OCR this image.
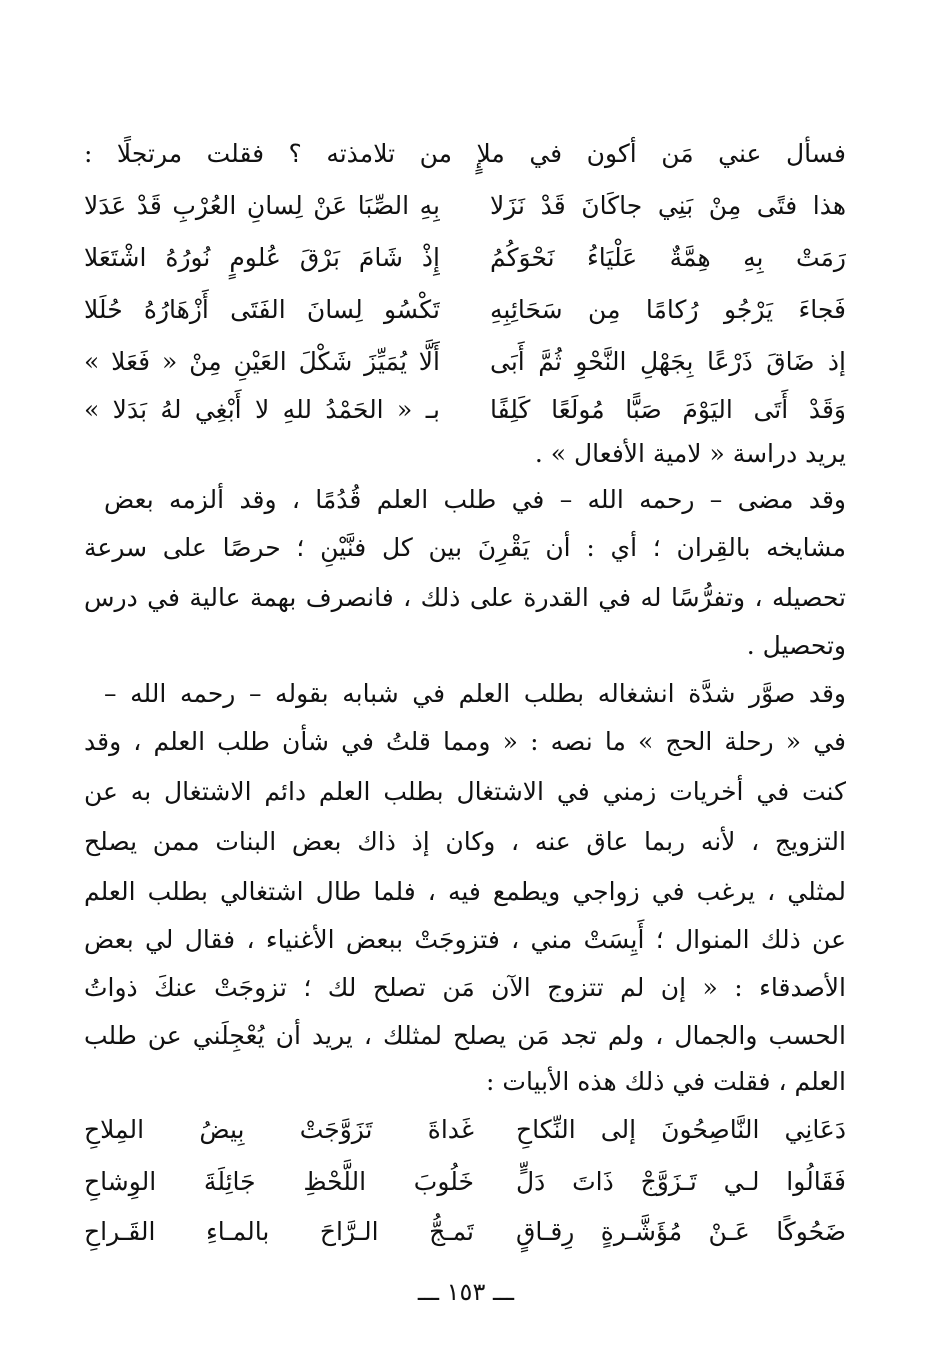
فسأل عني مَن أكون في ملإٍ من تلامذته ؟ فقلت مرتجلًا :
هذا فتًى مِنْ بَنِي جاكَانَ قَدْ نَزَلا
بِهِ الصِّبَا عَنْ لِسانِ العُرْبِ قَدْ عَدَلا
رَمَتْ بِهِ هِمَّةٌ عَلْيَاءُ نَحْوَكُمُ
إِذْ شَامَ بَرْقَ عُلومٍ نُورُهُ اشْتَعَلا
فَجاءَ يَرْجُو رُكامًا مِن سَحَائِبِهِ
تَكْسُو لِسانَ الفَتَى أَزْهَارُهُ حُلَلا
إذ ضَاقَ ذَرْعًا بِجَهْلِ النَّحْوِ ثُمَّ أَبَى
أَلَّا يُمَيِّزَ شَكْلَ العَيْنِ مِنْ « فَعَلا »
وَقَدْ أَتَى اليَوْمَ صَبًّا مُولَعًا كَلِفًا
بـ « الحَمْدُ للهِ لا أَبْغِي لهُ بَدَلا »
يريد دراسة « لامية الأفعال » .
وقد مضى – رحمه الله – في طلب العلم قُدُمًا ، وقد ألزمه بعض
مشايخه بالقِران ؛ أي : أن يَقْرِنَ بين كل فنَّيْنِ ؛ حرصًا على سرعة
تحصيله ، وتفرُّسًا له في القدرة على ذلك ، فانصرف بهمة عالية في درس
وتحصيل .
وقد صوَّر شدَّة انشغاله بطلب العلم في شبابه بقوله – رحمه الله –
في « رحلة الحج » ما نصه : « ومما قلتُ في شأن طلب العلم ، وقد
كنت في أخريات زمني في الاشتغال بطلب العلم دائم الاشتغال به عن
التزويج ، لأنه ربما عاق عنه ، وكان إذ ذاك بعض البنات ممن يصلح
لمثلي ، يرغب في زواجي ويطمع فيه ، فلما طال اشتغالي بطلب العلم
عن ذلك المنوال ؛ أَيِسَتْ مني ، فتزوجَتْ ببعض الأغنياء ، فقال لي بعض
الأصدقاء : « إن لم تتزوج الآن مَن تصلح لك ؛ تزوجَتْ عنكَ ذواتُ
الحسب والجمال ، ولم تجد مَن يصلح لمثلك ، يريد أن يُعْجِلَني عن طلب
العلم ، فقلت في ذلك هذه الأبيات :
دَعَانِي النَّاصِحُونَ إلى النِّكاحِ
غَداةَ تَزَوَّجَتْ بِيضُ المِلاحِ
فَقَالُوا لـي تَـزَوَّجْ ذَاتَ دَلٍّ
خَلُوبَ اللَّحْظِ جَائِلَةَ الوِشاحِ
ضَحُوكًا عَـنْ مُؤَشَّـرةٍ رِقـاقٍ
تَمـجُّ الـرَّاحَ بالمـاءِ القَـراحِ
ـــ ١٥٣ ـــ
